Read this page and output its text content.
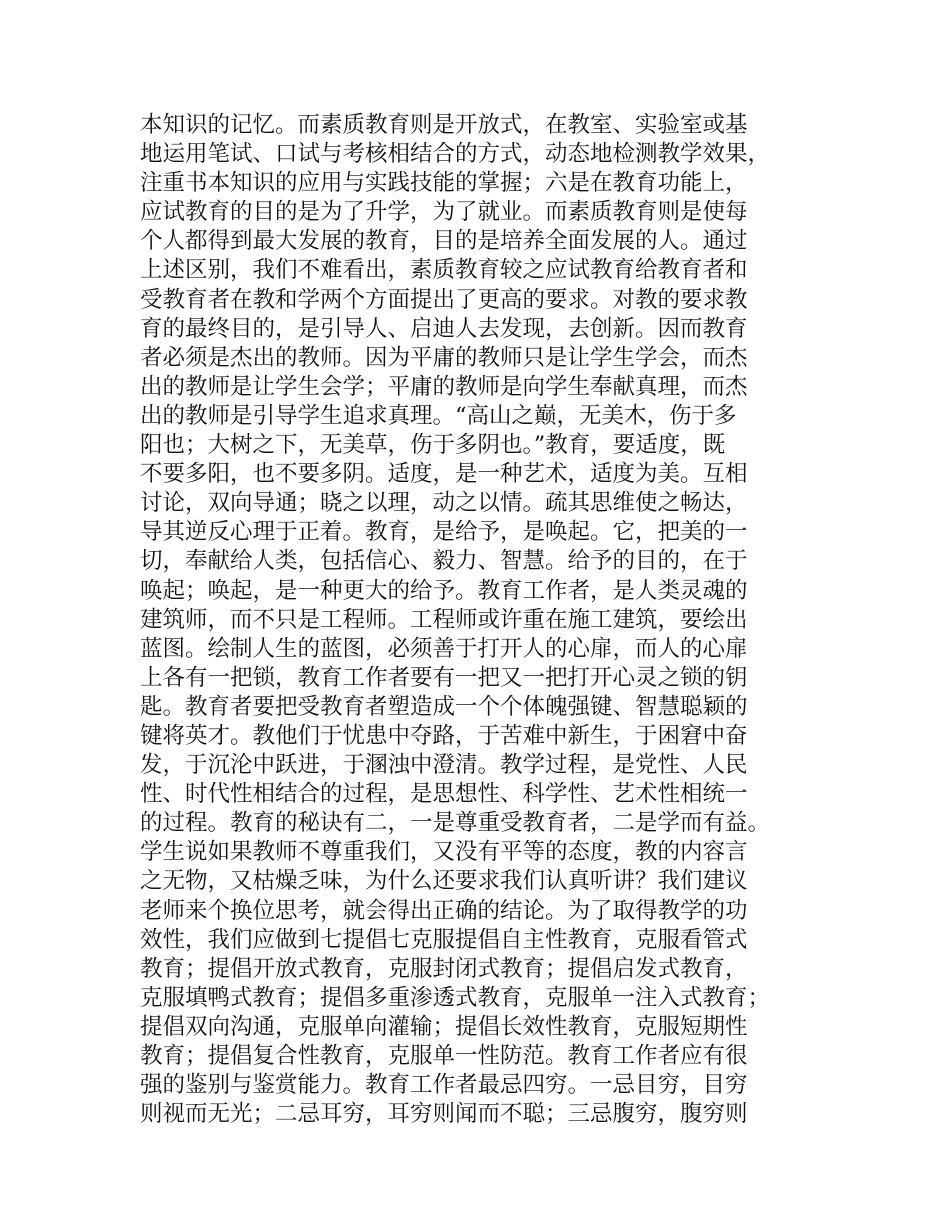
本知识的记忆。而素质教育则是开放式，在教室、实验室或基
地运用笔试、口试与考核相结合的方式，动态地检测教学效果，
注重书本知识的应用与实践技能的掌握；六是在教育功能上，
应试教育的目的是为了升学，为了就业。而素质教育则是使每
个人都得到最大发展的教育，目的是培养全面发展的人。通过
上述区别，我们不难看出，素质教育较之应试教育给教育者和
受教育者在教和学两个方面提出了更高的要求。对教的要求教
育的最终目的，是引导人、启迪人去发现，去创新。因而教育
者必须是杰出的教师。因为平庸的教师只是让学生学会，而杰
出的教师是让学生会学；平庸的教师是向学生奉献真理，而杰
出的教师是引导学生追求真理。“高山之巅，无美木，伤于多
阳也；大树之下，无美草，伤于多阴也。”教育，要适度，既
不要多阳，也不要多阴。适度，是一种艺术，适度为美。互相
讨论，双向导通；晓之以理，动之以情。疏其思维使之畅达，
导其逆反心理于正着。教育，是给予，是唤起。它，把美的一
切，奉献给人类，包括信心、毅力、智慧。给予的目的，在于
唤起；唤起，是一种更大的给予。教育工作者，是人类灵魂的
建筑师，而不只是工程师。工程师或许重在施工建筑，要绘出
蓝图。绘制人生的蓝图，必须善于打开人的心扉，而人的心扉
上各有一把锁，教育工作者要有一把又一把打开心灵之锁的钥
匙。教育者要把受教育者塑造成一个个体魄强键、智慧聪颖的
键将英才。教他们于忧患中夺路，于苦难中新生，于困窘中奋
发，于沉沦中跃进，于溷浊中澄清。教学过程，是党性、人民
性、时代性相结合的过程，是思想性、科学性、艺术性相统一
的过程。教育的秘诀有二，一是尊重受教育者，二是学而有益。
学生说如果教师不尊重我们，又没有平等的态度，教的内容言
之无物，又枯燥乏味，为什么还要求我们认真听讲？我们建议
老师来个换位思考，就会得出正确的结论。为了取得教学的功
效性，我们应做到七提倡七克服提倡自主性教育，克服看管式
教育；提倡开放式教育，克服封闭式教育；提倡启发式教育，
克服填鸭式教育；提倡多重渗透式教育，克服单一注入式教育；
提倡双向沟通，克服单向灌输；提倡长效性教育，克服短期性
教育；提倡复合性教育，克服单一性防范。教育工作者应有很
强的鉴别与鉴赏能力。教育工作者最忌四穷。一忌目穷，目穷
则视而无光；二忌耳穷，耳穷则闻而不聪；三忌腹穷，腹穷则
